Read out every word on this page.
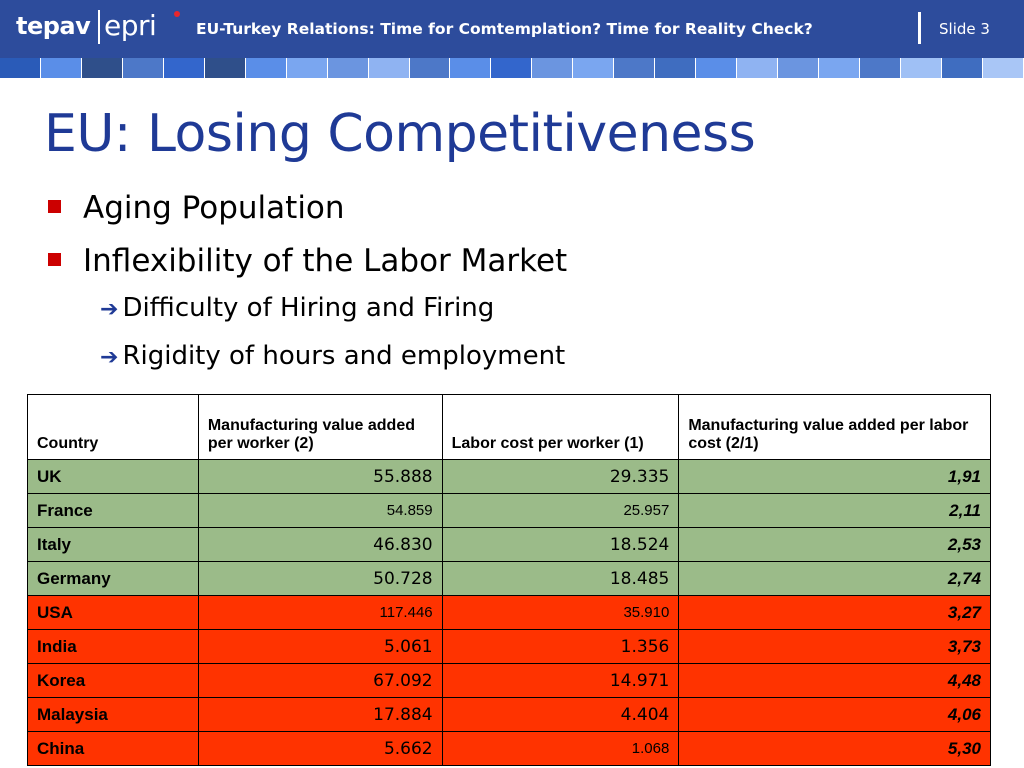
tepav epri	EU-Turkey Relations: Time for Comtemplation? Time for Reality Check?	Slide 3
EU: Losing Competitiveness
Aging Population
Inflexibility of the Labor Market
➔ Difficulty of Hiring and Firing
➔ Rigidity of hours and employment
Country	Manufacturing value added per worker (2)	Labor cost per worker (1)	Manufacturing value added per labor cost (2/1)
UK	55.888	29.335	1,91
France	54.859	25.957	2,11
Italy	46.830	18.524	2,53
Germany	50.728	18.485	2,74
USA	117.446	35.910	3,27
India	5.061	1.356	3,73
Korea	67.092	14.971	4,48
Malaysia	17.884	4.404	4,06
China	5.662	1.068	5,30
